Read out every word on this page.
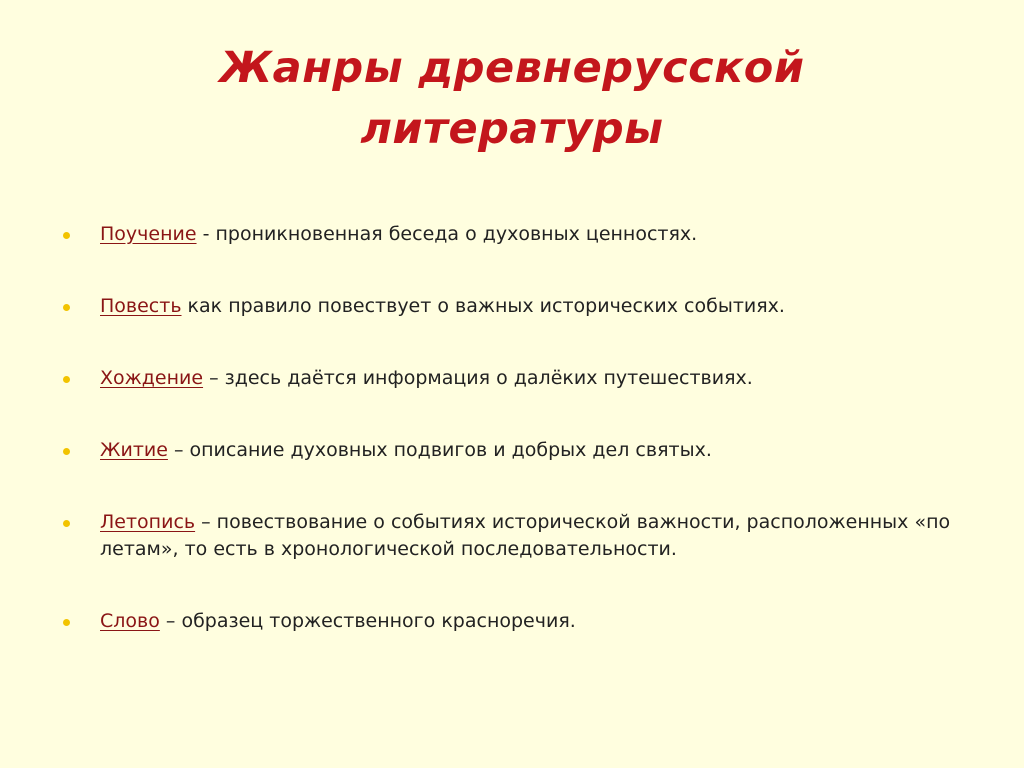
Жанры древнерусской
литературы
Поучение - проникновенная беседа о духовных ценностях.
Повесть как правило повествует о важных исторических событиях.
Хождение – здесь даётся информация о далёких путешествиях.
Житие – описание духовных подвигов и добрых дел святых.
Летопись – повествование о событиях исторической важности, расположенных «по летам», то есть в хронологической последовательности.
Слово – образец торжественного красноречия.
